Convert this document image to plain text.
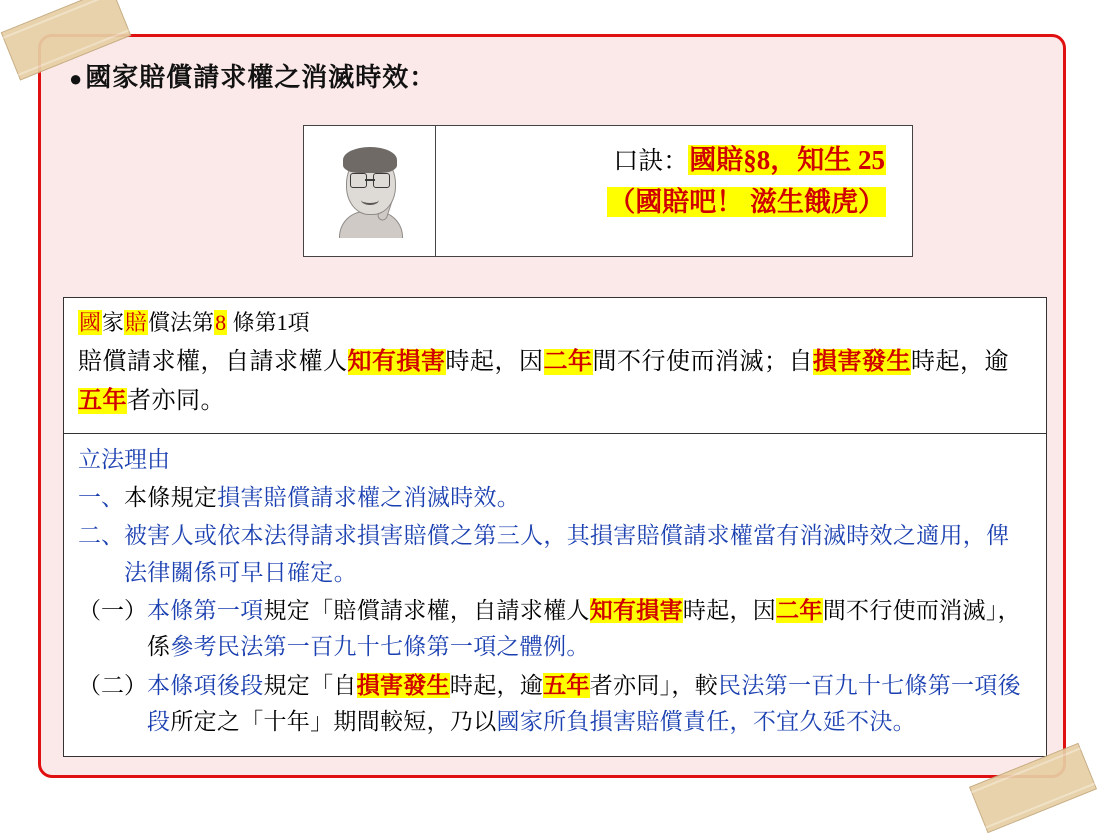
●國家賠償請求權之消滅時效：
口訣：國賠§8，知生 25
（國賠吧！ 滋生餓虎）
國家賠償法第8 條第1項
賠償請求權，自請求權人知有損害時起，因二年間不行使而消滅；自損害發生時起，逾五年者亦同。
立法理由
一、 本條規定損害賠償請求權之消滅時效。
二、 被害人或依本法得請求損害賠償之第三人，其損害賠償請求權當有消滅時效之適用，俾法律關係可早日確定。
（一） 本條第一項規定「賠償請求權，自請求權人知有損害時起，因二年間不行使而消滅」，係參考民法第一百九十七條第一項之體例。
（二） 本條項後段規定「自損害發生時起，逾五年者亦同」，較民法第一百九十七條第一項後段所定之「十年」期間較短，乃以國家所負損害賠償責任，不宜久延不決。
